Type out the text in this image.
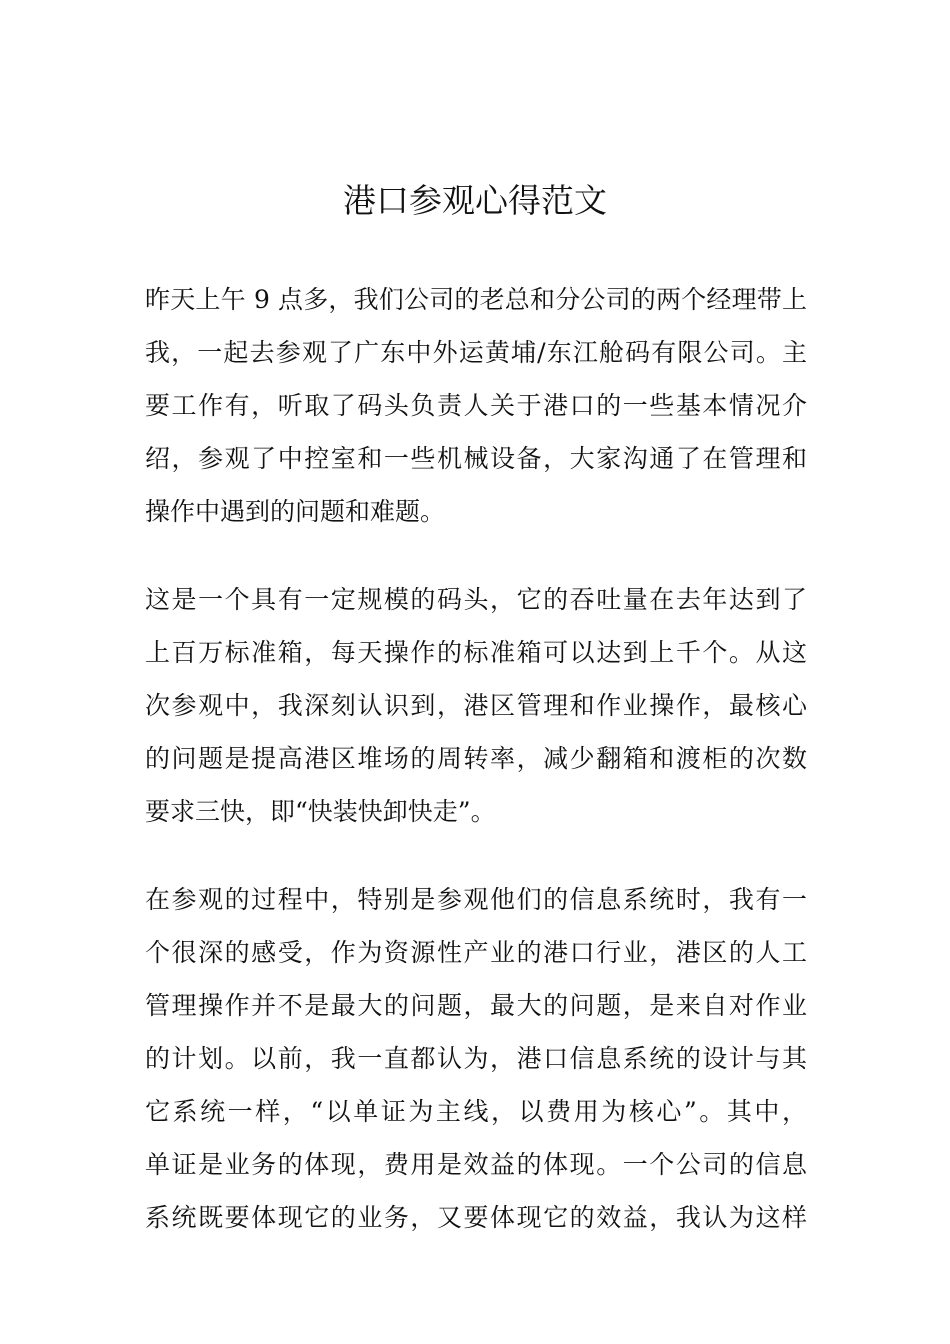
港口参观心得范文
昨天上午 9 点多，我们公司的老总和分公司的两个经理带上
我，一起去参观了广东中外运黄埔/东江舱码有限公司。主
要工作有，听取了码头负责人关于港口的一些基本情况介
绍，参观了中控室和一些机械设备，大家沟通了在管理和
操作中遇到的问题和难题。
这是一个具有一定规模的码头，它的吞吐量在去年达到了
上百万标准箱，每天操作的标准箱可以达到上千个。从这
次参观中，我深刻认识到，港区管理和作业操作，最核心
的问题是提高港区堆场的周转率，减少翻箱和渡柜的次数
要求三快，即“快装快卸快走”。
在参观的过程中，特别是参观他们的信息系统时，我有一
个很深的感受，作为资源性产业的港口行业，港区的人工
管理操作并不是最大的问题，最大的问题，是来自对作业
的计划。以前，我一直都认为，港口信息系统的设计与其
它系统一样，“以单证为主线，以费用为核心”。其中，
单证是业务的体现，费用是效益的体现。一个公司的信息
系统既要体现它的业务，又要体现它的效益，我认为这样
